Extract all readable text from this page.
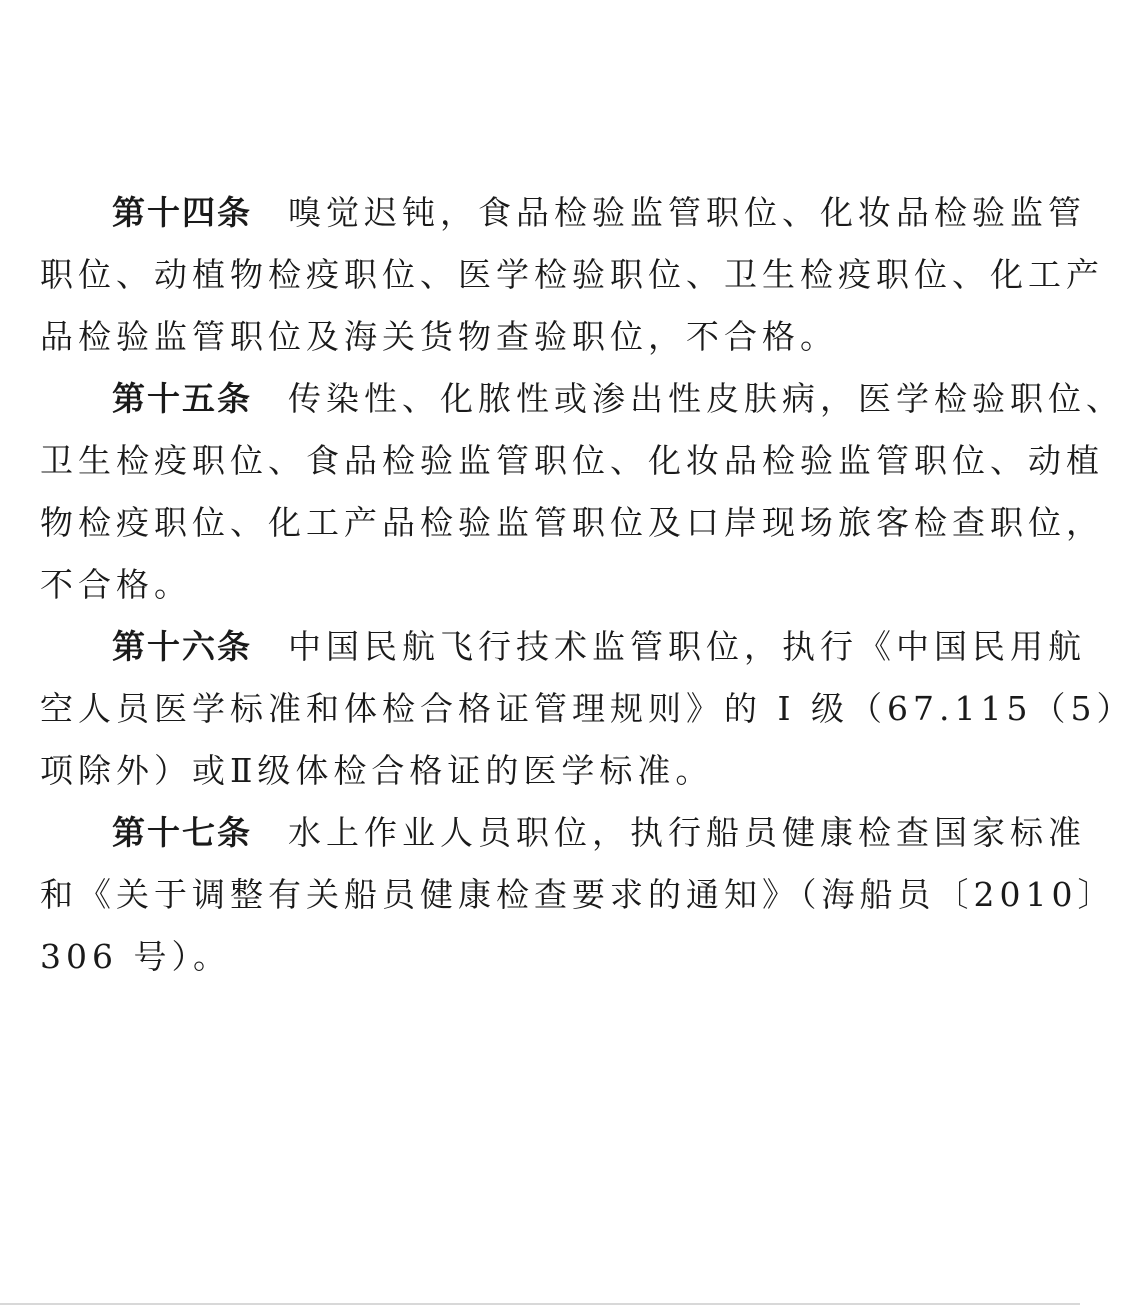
第十四条 嗅觉迟钝，食品检验监管职位、化妆品检验监管
职位、动植物检疫职位、医学检验职位、卫生检疫职位、化工产
品检验监管职位及海关货物查验职位，不合格。
第十五条 传染性、化脓性或渗出性皮肤病，医学检验职位、
卫生检疫职位、食品检验监管职位、化妆品检验监管职位、动植
物检疫职位、化工产品检验监管职位及口岸现场旅客检查职位，
不合格。
第十六条 中国民航飞行技术监管职位，执行《中国民用航
空人员医学标准和体检合格证管理规则》的 I 级（67.115（5）
项除外）或Ⅱ级体检合格证的医学标准。
第十七条 水上作业人员职位，执行船员健康检查国家标准
和《关于调整有关船员健康检查要求的通知》（海船员〔2010〕
306 号）。
